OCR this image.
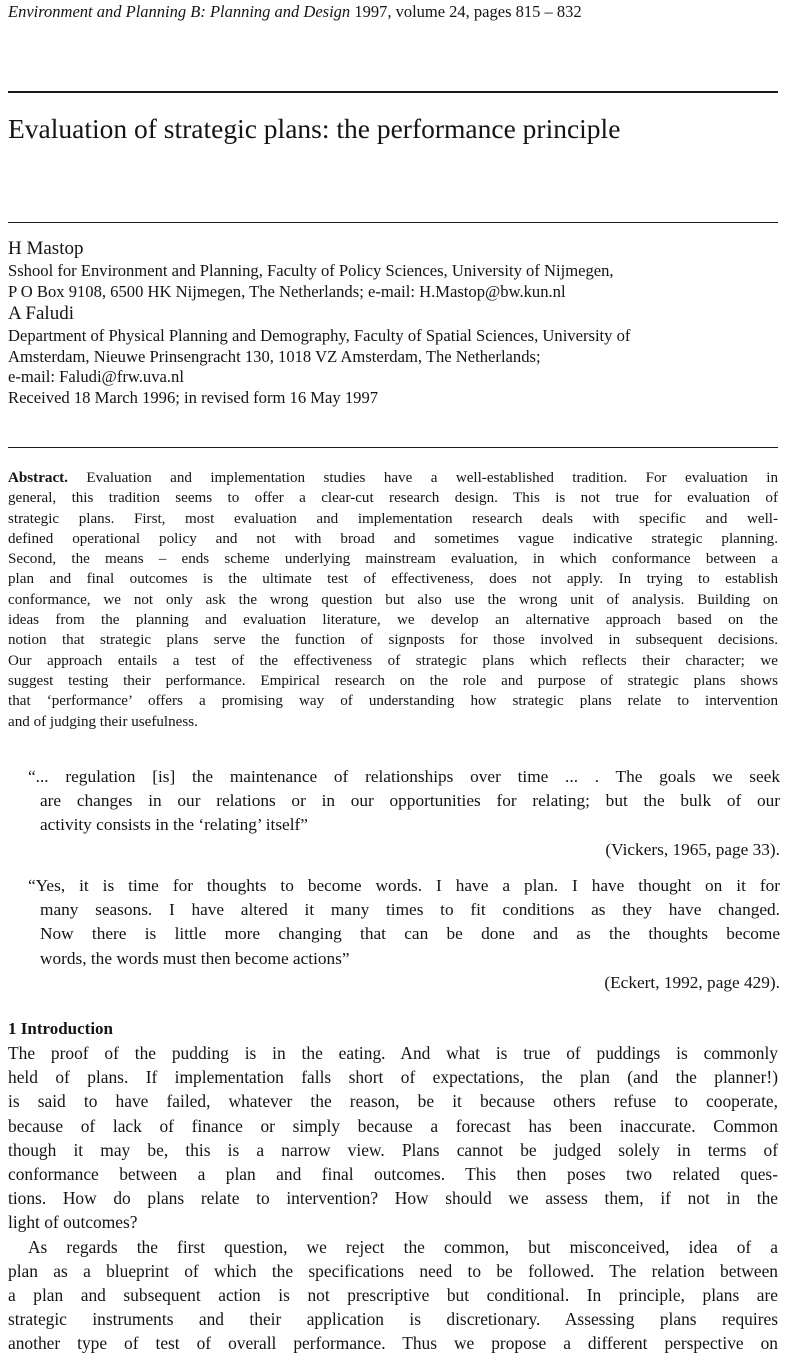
Environment and Planning B: Planning and Design 1997, volume 24, pages 815 – 832
Evaluation of strategic plans: the performance principle
H Mastop
Sshool for Environment and Planning, Faculty of Policy Sciences, University of Nijmegen,
P O Box 9108, 6500 HK Nijmegen, The Netherlands; e-mail: H.Mastop@bw.kun.nl
A Faludi
Department of Physical Planning and Demography, Faculty of Spatial Sciences, University of
Amsterdam, Nieuwe Prinsengracht 130, 1018 VZ Amsterdam, The Netherlands;
e-mail: Faludi@frw.uva.nl
Received 18 March 1996; in revised form 16 May 1997
Abstract. Evaluation and implementation studies have a well-established tradition. For evaluation in
general, this tradition seems to offer a clear-cut research design. This is not true for evaluation of
strategic plans. First, most evaluation and implementation research deals with specific and well-
defined operational policy and not with broad and sometimes vague indicative strategic planning.
Second, the means – ends scheme underlying mainstream evaluation, in which conformance between a
plan and final outcomes is the ultimate test of effectiveness, does not apply. In trying to establish
conformance, we not only ask the wrong question but also use the wrong unit of analysis. Building on
ideas from the planning and evaluation literature, we develop an alternative approach based on the
notion that strategic plans serve the function of signposts for those involved in subsequent decisions.
Our approach entails a test of the effectiveness of strategic plans which reflects their character; we
suggest testing their performance. Empirical research on the role and purpose of strategic plans shows
that ‘performance’ offers a promising way of understanding how strategic plans relate to intervention
and of judging their usefulness.
“... regulation [is] the maintenance of relationships over time ... . The goals we seek
are changes in our relations or in our opportunities for relating; but the bulk of our
activity consists in the ‘relating’ itself”
(Vickers, 1965, page 33).
“Yes, it is time for thoughts to become words. I have a plan. I have thought on it for
many seasons. I have altered it many times to fit conditions as they have changed.
Now there is little more changing that can be done and as the thoughts become
words, the words must then become actions”
(Eckert, 1992, page 429).
1 Introduction
The proof of the pudding is in the eating. And what is true of puddings is commonly
held of plans. If implementation falls short of expectations, the plan (and the planner!)
is said to have failed, whatever the reason, be it because others refuse to cooperate,
because of lack of finance or simply because a forecast has been inaccurate. Common
though it may be, this is a narrow view. Plans cannot be judged solely in terms of
conformance between a plan and final outcomes. This then poses two related ques-
tions. How do plans relate to intervention? How should we assess them, if not in the
light of outcomes?
As regards the first question, we reject the common, but misconceived, idea of a
plan as a blueprint of which the specifications need to be followed. The relation between
a plan and subsequent action is not prescriptive but conditional. In principle, plans are
strategic instruments and their application is discretionary. Assessing plans requires
another type of test of overall performance. Thus we propose a different perspective on
